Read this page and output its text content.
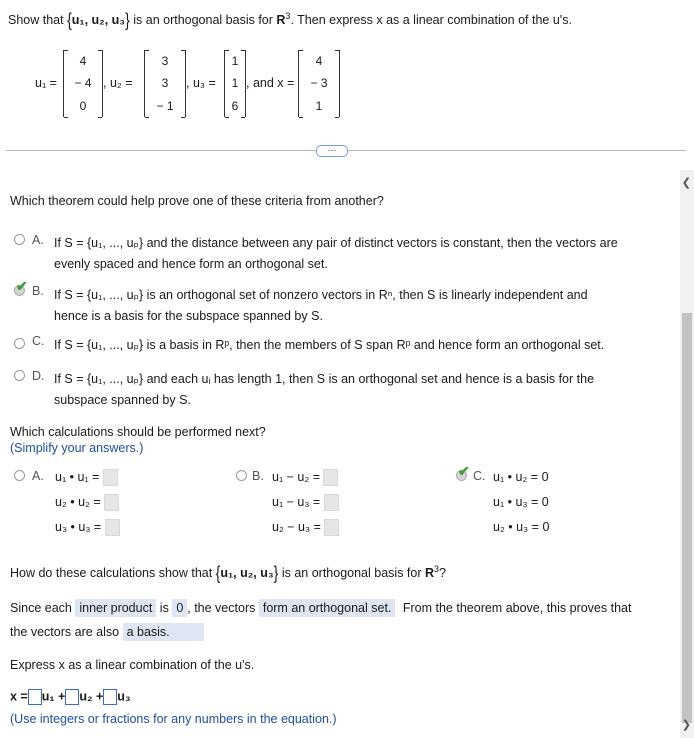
Show that {u₁, u₂, u₃} is an orthogonal basis for $R^3$. Then express x as a linear combination of the u's.
u₁ =
4
− 4
0
, u₂ =
3
3
− 1
, u₃ =
1
1
6
, and x =
4
− 3
1
⋯
❮
❯
Which theorem could help prove one of these criteria from another?
A. If S = {u₁, ..., uₚ} and the distance between any pair of distinct vectors is constant, then the vectors are
evenly spaced and hence form an orthogonal set.
✔ B. If S = {u₁, ..., uₚ} is an orthogonal set of nonzero vectors in Rⁿ, then S is linearly independent and
hence is a basis for the subspace spanned by S.
C. If S = {u₁, ..., uₚ} is a basis in Rᵖ, then the members of S span Rᵖ and hence form an orthogonal set.
D. If S = {u₁, ..., uₚ} and each uᵢ has length 1, then S is an orthogonal set and hence is a basis for the
subspace spanned by S.
Which calculations should be performed next?
(Simplify your answers.)
A. u₁ • u₁ =
u₂ • u₂ =
u₃ • u₃ =
B. u₁ − u₂ =
u₁ − u₃ =
u₂ − u₃ =
✔ C. u₁ • u₂ = 0
u₁ • u₃ = 0
u₂ • u₃ = 0
How do these calculations show that {u₁, u₂, u₃} is an orthogonal basis for $R^3$?
Since each inner product is 0 , the vectors form an orthogonal set. From the theorem above, this proves that
the vectors are also a basis.
Express x as a linear combination of the u's.
x = u₁ + u₂ + u₃
(Use integers or fractions for any numbers in the equation.)
